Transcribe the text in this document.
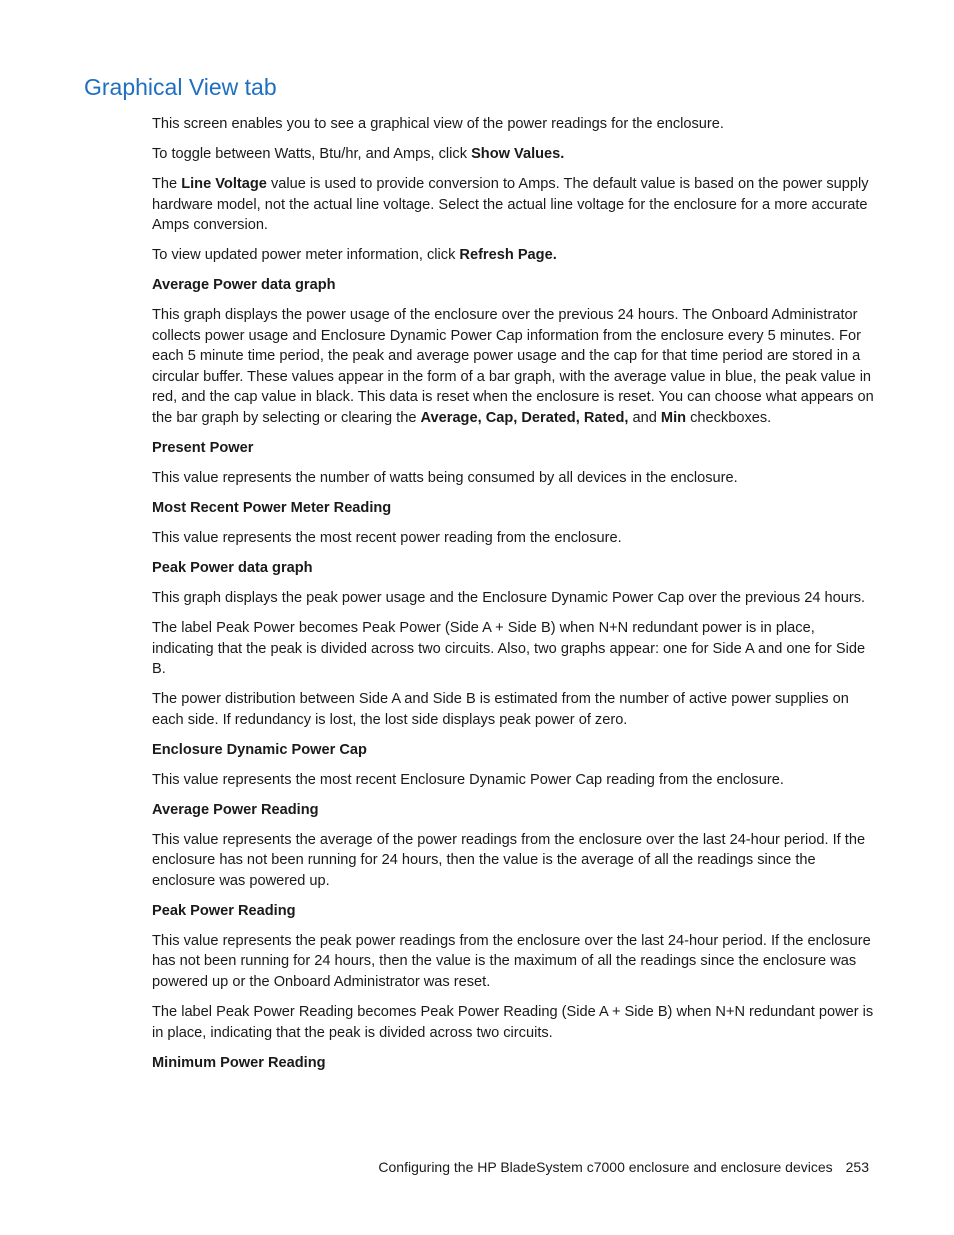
Graphical View tab

This screen enables you to see a graphical view of the power readings for the enclosure.

To toggle between Watts, Btu/hr, and Amps, click Show Values.

The Line Voltage value is used to provide conversion to Amps. The default value is based on the power supply hardware model, not the actual line voltage. Select the actual line voltage for the enclosure for a more accurate Amps conversion.

To view updated power meter information, click Refresh Page.

Average Power data graph

This graph displays the power usage of the enclosure over the previous 24 hours. The Onboard Administrator collects power usage and Enclosure Dynamic Power Cap information from the enclosure every 5 minutes. For each 5 minute time period, the peak and average power usage and the cap for that time period are stored in a circular buffer. These values appear in the form of a bar graph, with the average value in blue, the peak value in red, and the cap value in black. This data is reset when the enclosure is reset. You can choose what appears on the bar graph by selecting or clearing the Average, Cap, Derated, Rated, and Min checkboxes.

Present Power

This value represents the number of watts being consumed by all devices in the enclosure.

Most Recent Power Meter Reading

This value represents the most recent power reading from the enclosure.

Peak Power data graph

This graph displays the peak power usage and the Enclosure Dynamic Power Cap over the previous 24 hours.

The label Peak Power becomes Peak Power (Side A + Side B) when N+N redundant power is in place, indicating that the peak is divided across two circuits. Also, two graphs appear: one for Side A and one for Side B.

The power distribution between Side A and Side B is estimated from the number of active power supplies on each side. If redundancy is lost, the lost side displays peak power of zero.

Enclosure Dynamic Power Cap

This value represents the most recent Enclosure Dynamic Power Cap reading from the enclosure.

Average Power Reading

This value represents the average of the power readings from the enclosure over the last 24-hour period. If the enclosure has not been running for 24 hours, then the value is the average of all the readings since the enclosure was powered up.

Peak Power Reading

This value represents the peak power readings from the enclosure over the last 24-hour period. If the enclosure has not been running for 24 hours, then the value is the maximum of all the readings since the enclosure was powered up or the Onboard Administrator was reset.

The label Peak Power Reading becomes Peak Power Reading (Side A + Side B) when N+N redundant power is in place, indicating that the peak is divided across two circuits.

Minimum Power Reading

Configuring the HP BladeSystem c7000 enclosure and enclosure devices 253
